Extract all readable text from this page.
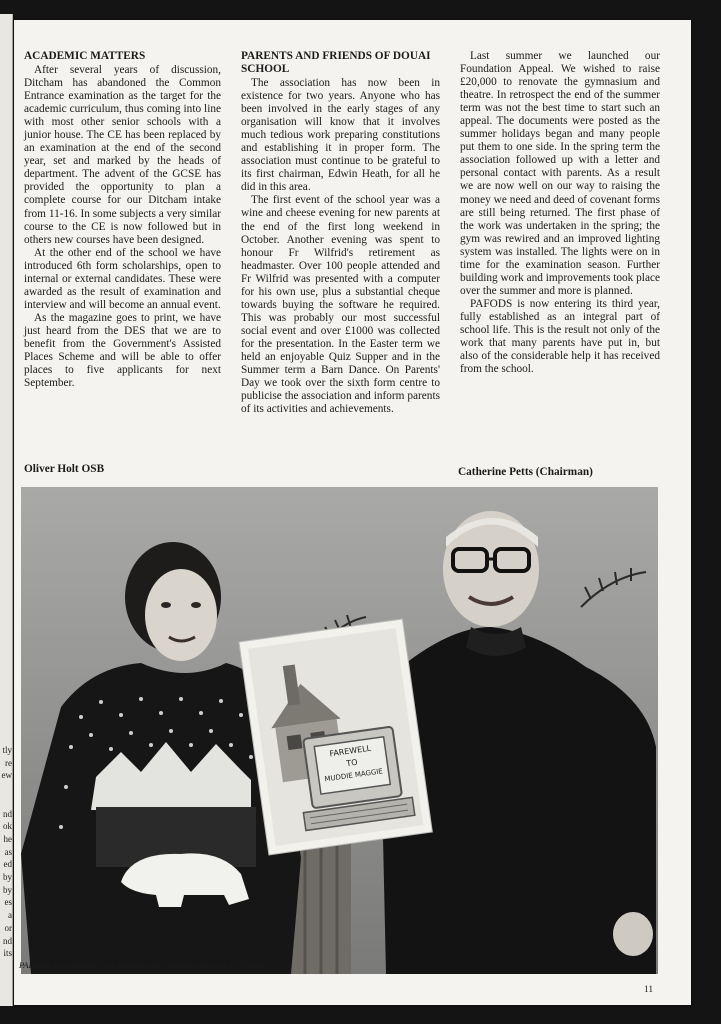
tly
re
ew
nd
ok
he
as
ed
by
by
es
a
or
nd
its
ACADEMIC MATTERS

After several years of discussion, Ditcham has abandoned the Common Entrance examination as the target for the academic curriculum, thus coming into line with most other senior schools with a junior house. The CE has been replaced by an examination at the end of the second year, set and marked by the heads of department. The advent of the GCSE has provided the opportunity to plan a complete course for our Ditcham intake from 11-16. In some subjects a very similar course to the CE is now followed but in others new courses have been designed.

At the other end of the school we have introduced 6th form scholarships, open to internal or external candidates. These were awarded as the result of examination and interview and will become an annual event.

As the magazine goes to print, we have just heard from the DES that we are to benefit from the Government's Assisted Places Scheme and will be able to offer places to five applicants for next September.

Oliver Holt OSB
PARENTS AND FRIENDS OF DOUAI SCHOOL

The association has now been in existence for two years. Anyone who has been involved in the early stages of any organisation will know that it involves much tedious work preparing constitutions and establishing it in proper form. The association must continue to be grateful to its first chairman, Edwin Heath, for all he did in this area.

The first event of the school year was a wine and cheese evening for new parents at the end of the first long weekend in October. Another evening was spent to honour Fr Wilfrid's retirement as headmaster. Over 100 people attended and Fr Wilfrid was presented with a computer for his own use, plus a substantial cheque towards buying the software he required. This was probably our most successful social event and over £1000 was collected for the presentation. In the Easter term we held an enjoyable Quiz Supper and in the Summer term a Barn Dance. On Parents' Day we took over the sixth form centre to publicise the association and inform parents of its activities and achievements.

Last summer we launched our Foundation Appeal. We wished to raise £20,000 to renovate the gymnasium and theatre. In retrospect the end of the summer term was not the best time to start such an appeal. The documents were posted as the summer holidays began and many people put them to one side. In the spring term the association followed up with a letter and personal contact with parents. As a result we are now well on our way to raising the money we need and deed of covenant forms are still being returned. The first phase of the work was undertaken in the spring; the gym was rewired and an improved lighting system was installed. The lights were on in time for the examination season. Further building work and improvements took place over the summer and more is planned.

PAFODS is now entering its third year, fully established as an integral part of school life. This is the result not only of the work that many parents have put in, but also of the considerable help it has received from the school.

Catherine Petts (Chairman)
FAREWELL
TO
MUDDIE MAGGIE
PAFODS presentation from chairperson Catherine Petts to Fr Wilfrid
11
